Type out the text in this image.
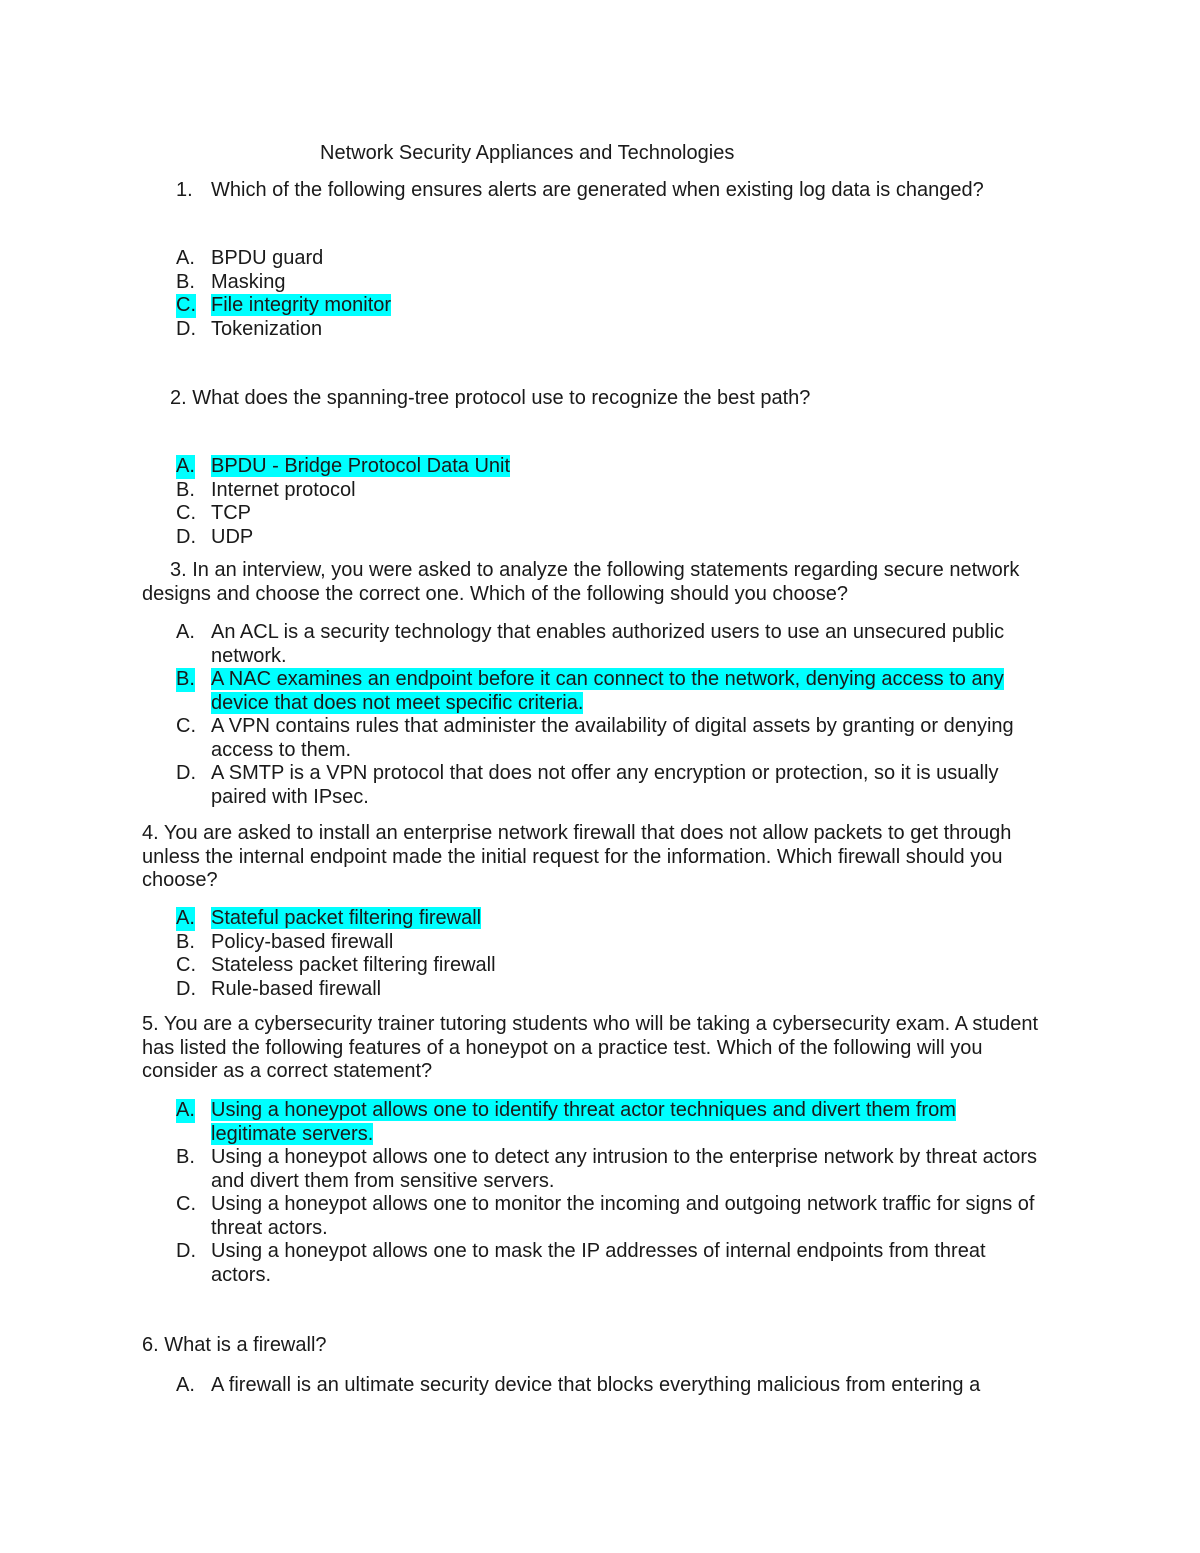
Network Security Appliances and Technologies
1. Which of the following ensures alerts are generated when existing log data is changed?
A. BPDU guard
B. Masking
C. File integrity monitor
D. Tokenization
2. What does the spanning-tree protocol use to recognize the best path?
A. BPDU - Bridge Protocol Data Unit
B. Internet protocol
C. TCP
D. UDP
3. In an interview, you were asked to analyze the following statements regarding secure network designs and choose the correct one. Which of the following should you choose?
A. An ACL is a security technology that enables authorized users to use an unsecured public network.
B. A NAC examines an endpoint before it can connect to the network, denying access to any device that does not meet specific criteria.
C. A VPN contains rules that administer the availability of digital assets by granting or denying access to them.
D. A SMTP is a VPN protocol that does not offer any encryption or protection, so it is usually paired with IPsec.
4. You are asked to install an enterprise network firewall that does not allow packets to get through unless the internal endpoint made the initial request for the information. Which firewall should you choose?
A. Stateful packet filtering firewall
B. Policy-based firewall
C. Stateless packet filtering firewall
D. Rule-based firewall
5. You are a cybersecurity trainer tutoring students who will be taking a cybersecurity exam. A student has listed the following features of a honeypot on a practice test. Which of the following will you consider as a correct statement?
A. Using a honeypot allows one to identify threat actor techniques and divert them from legitimate servers.
B. Using a honeypot allows one to detect any intrusion to the enterprise network by threat actors and divert them from sensitive servers.
C. Using a honeypot allows one to monitor the incoming and outgoing network traffic for signs of threat actors.
D. Using a honeypot allows one to mask the IP addresses of internal endpoints from threat actors.
6. What is a firewall?
A. A firewall is an ultimate security device that blocks everything malicious from entering a
